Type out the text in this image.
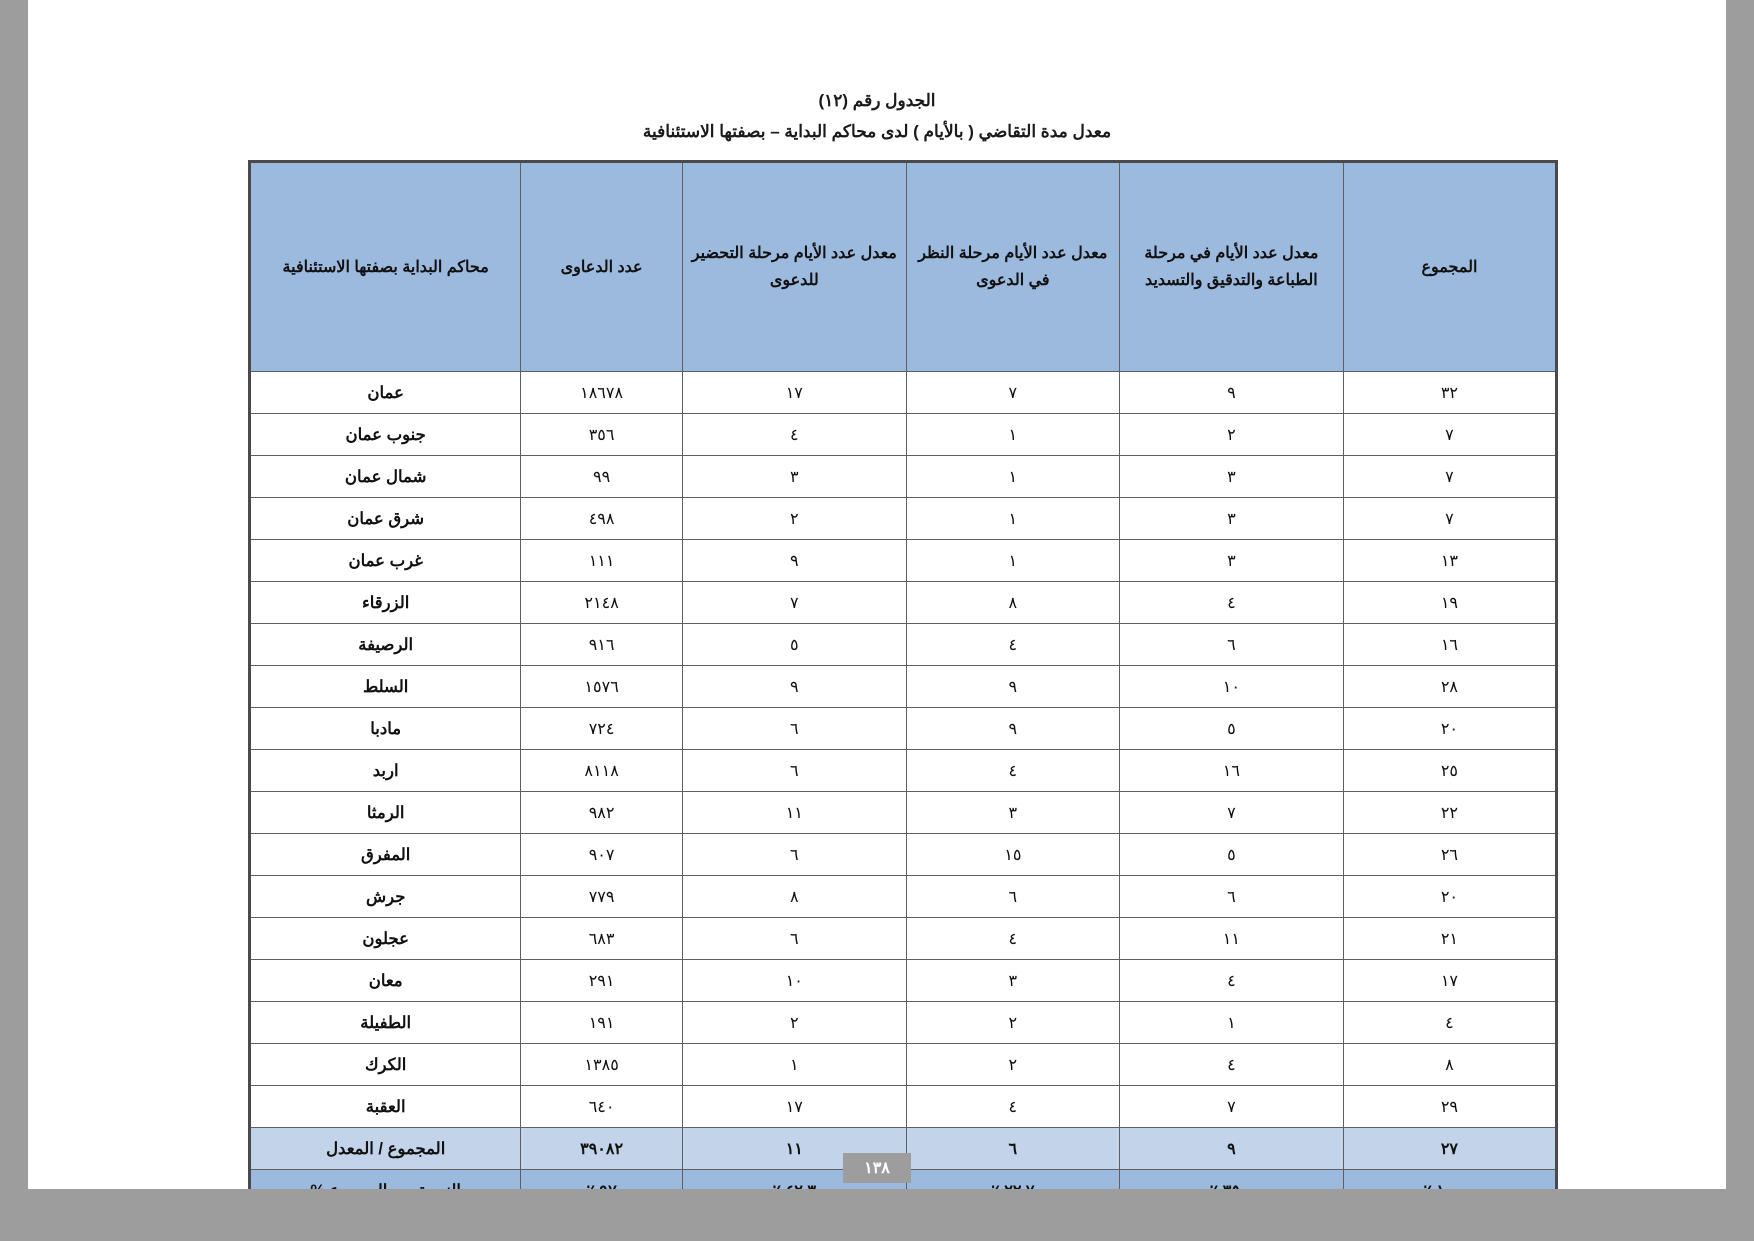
الجدول رقم (١٢)
معدل مدة التقاضي ( بالأيام ) لدى محاكم البداية – بصفتها الاستئنافية
المجموع	معدل عدد الأيام في مرحلة الطباعة والتدقيق والتسديد	معدل عدد الأيام مرحلة النظر في الدعوى	معدل عدد الأيام مرحلة التحضير للدعوى	عدد الدعاوى	محاكم البداية بصفتها الاستئنافية
٣٢	٩	٧	١٧	١٨٦٧٨	عمان
٧	٢	١	٤	٣٥٦	جنوب عمان
٧	٣	١	٣	٩٩	شمال عمان
٧	٣	١	٢	٤٩٨	شرق عمان
١٣	٣	١	٩	١١١	غرب عمان
١٩	٤	٨	٧	٢١٤٨	الزرقاء
١٦	٦	٤	٥	٩١٦	الرصيفة
٢٨	١٠	٩	٩	١٥٧٦	السلط
٢٠	٥	٩	٦	٧٢٤	مادبا
٢٥	١٦	٤	٦	٨١١٨	اربد
٢٢	٧	٣	١١	٩٨٢	الرمثا
٢٦	٥	١٥	٦	٩٠٧	المفرق
٢٠	٦	٦	٨	٧٧٩	جرش
٢١	١١	٤	٦	٦٨٣	عجلون
١٧	٤	٣	١٠	٢٩١	معان
٤	١	٢	٢	١٩١	الطفيلة
٨	٤	٢	١	١٣٨٥	الكرك
٢٩	٧	٤	١٧	٦٤٠	العقبة
٢٧	٩	٦	١١	٣٩٠٨٢	المجموع / المعدل

١٣٨
